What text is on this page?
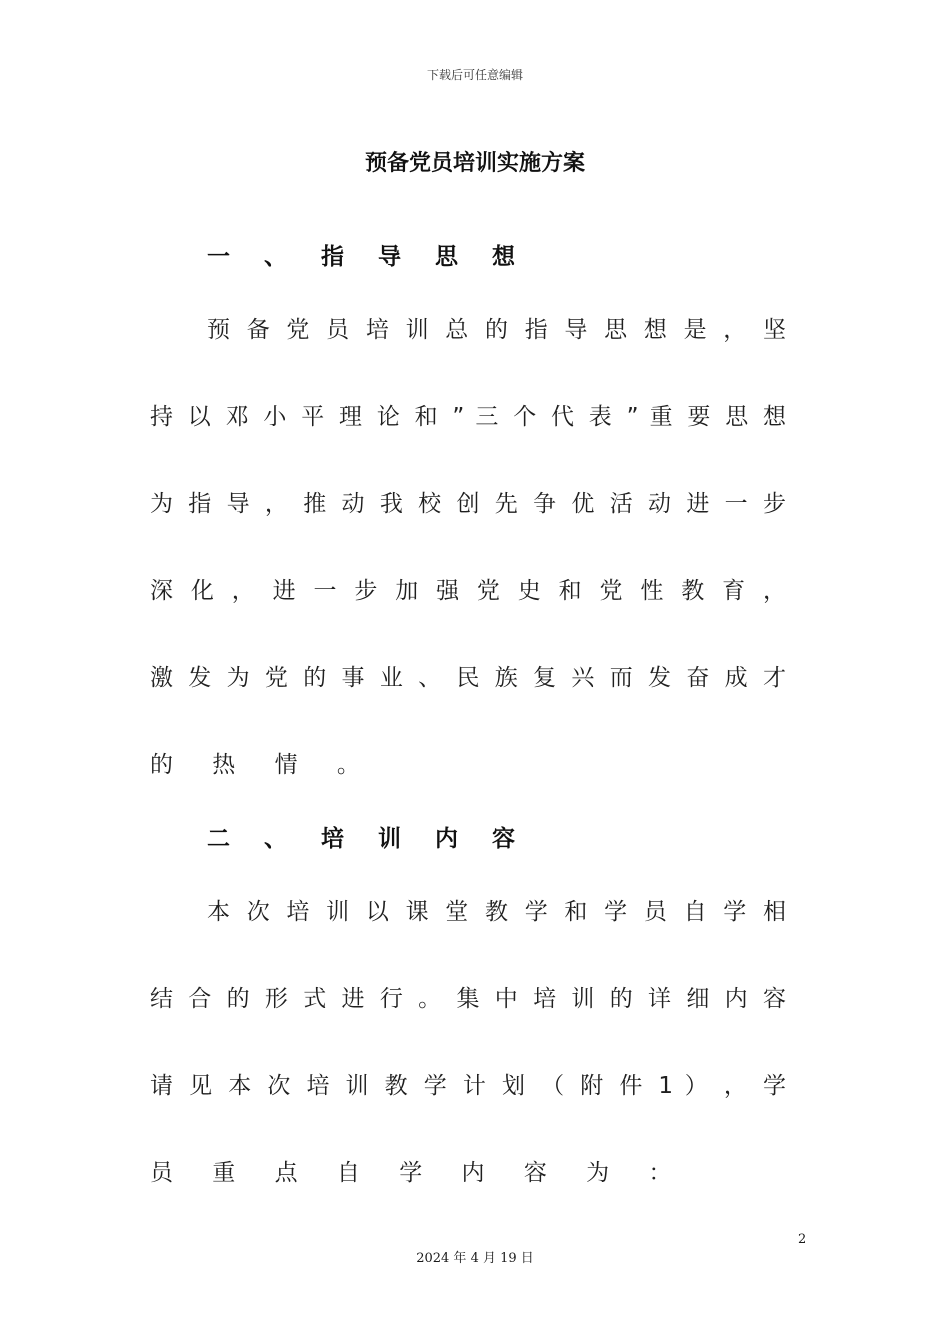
下载后可任意编辑
预备党员培训实施方案
一 、 指 导 思 想
预 备 党 员 培 训 总 的 指 导 思 想 是 ， 坚
持 以 邓 小 平 理 论 和 ” 三 个 代 表 ” 重 要 思 想
为 指 导 ， 推 动 我 校 创 先 争 优 活 动 进 一 步
深 化 ， 进 一 步 加 强 党 史 和 党 性 教 育 ，
激 发 为 党 的 事 业 、 民 族 复 兴 而 发 奋 成 才
的 热 情 。
二 、 培 训 内 容
本 次 培 训 以 课 堂 教 学 和 学 员 自 学 相
结 合 的 形 式 进 行 。 集 中 培 训 的 详 细 内 容
请 见 本 次 培 训 教 学 计 划 （ 附 件 1 ） ， 学
员 重 点 自 学 内 容 为 ：
2
2024 年 4 月 19 日
